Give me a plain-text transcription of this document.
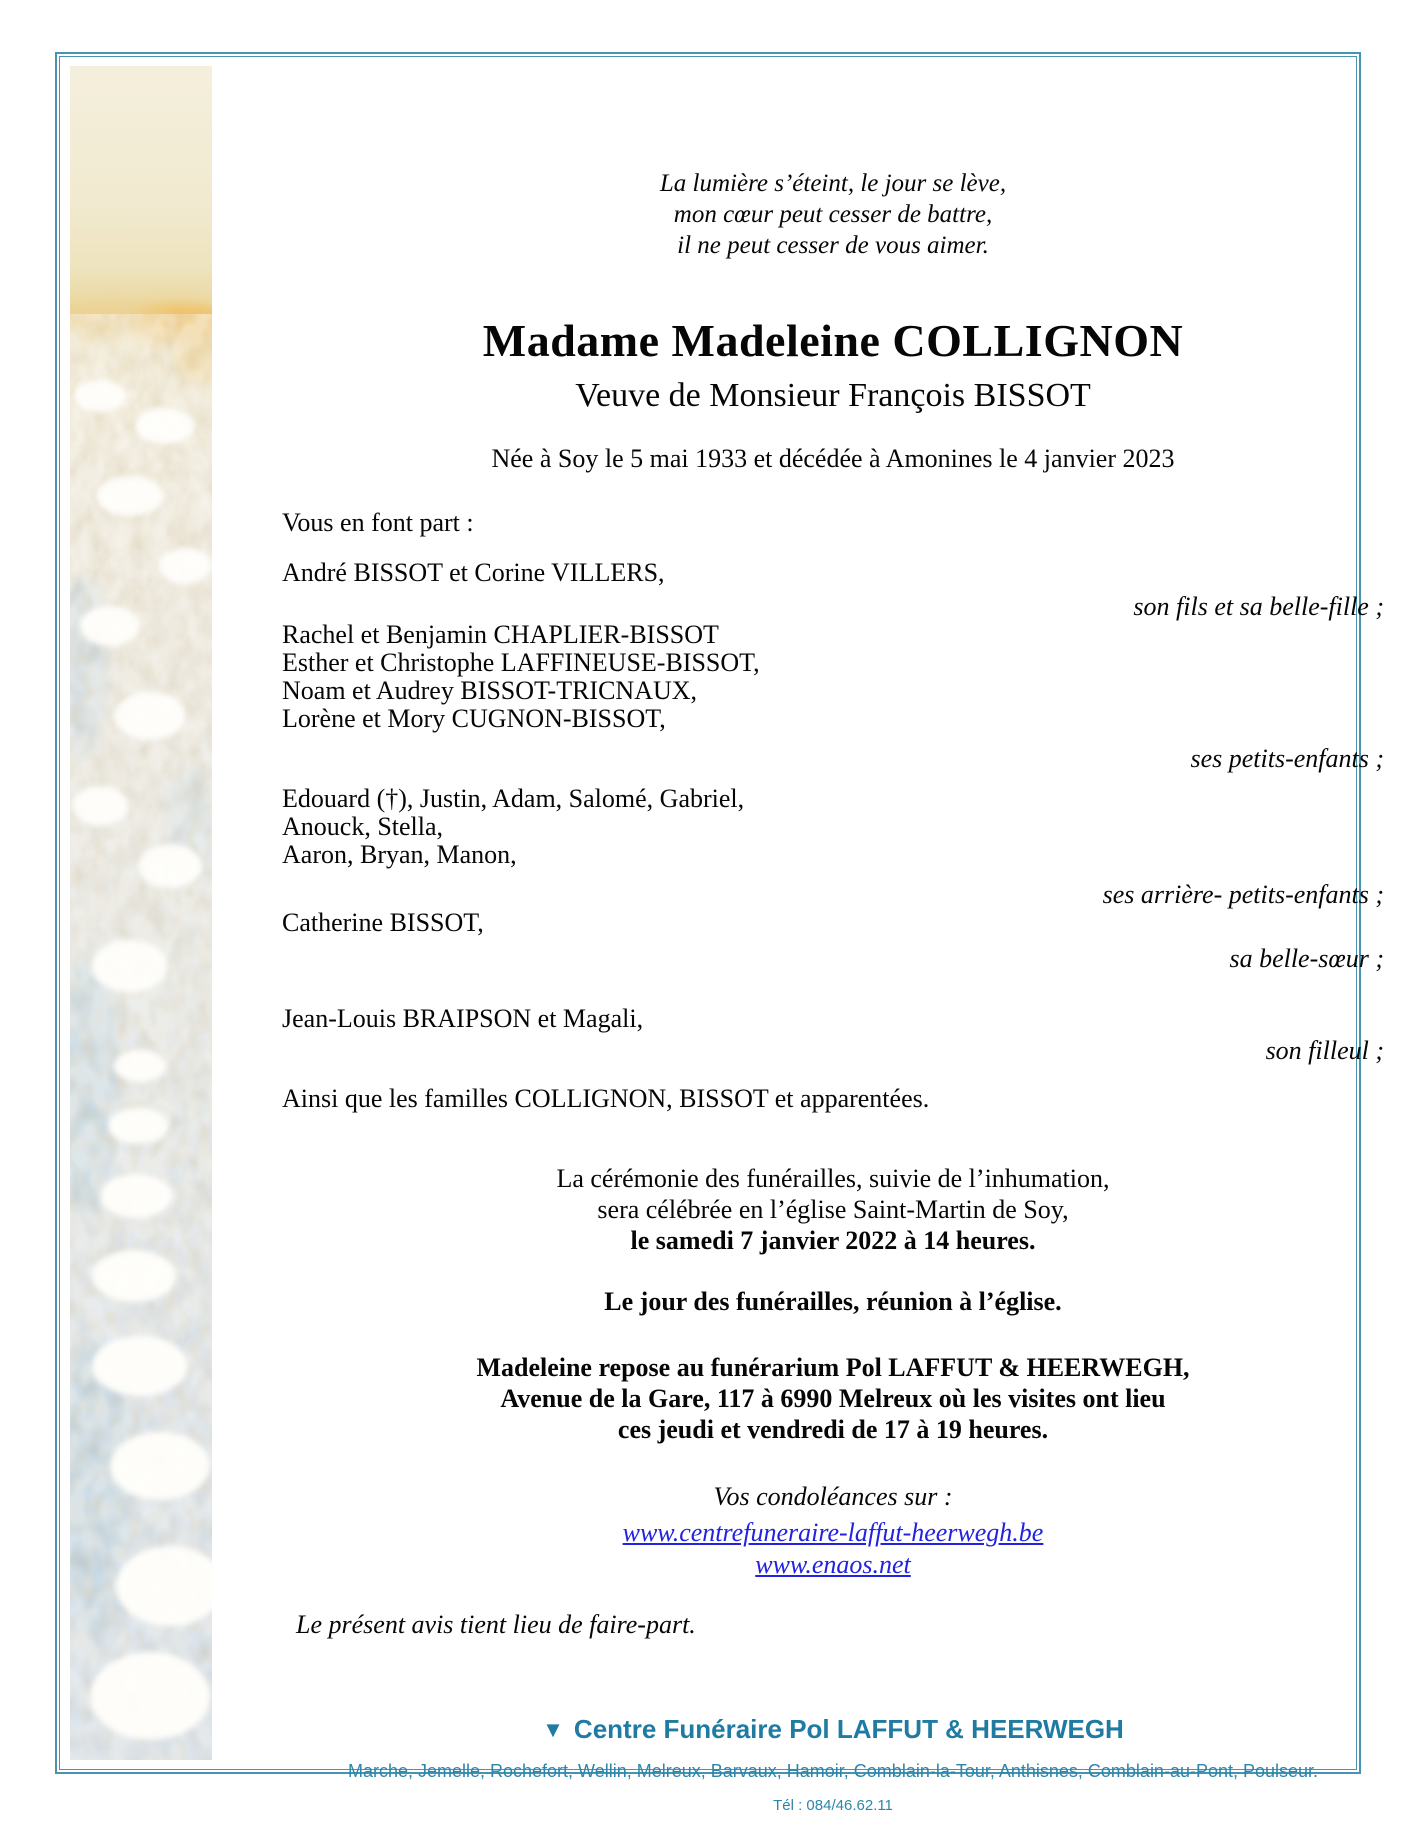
La lumière s’éteint, le jour se lève,
mon cœur peut cesser de battre,
il ne peut cesser de vous aimer.
Madame Madeleine COLLIGNON
Veuve de Monsieur François BISSOT
Née à Soy le 5 mai 1933 et décédée à Amonines le 4 janvier 2023
Vous en font part :
André BISSOT et Corine VILLERS,
son fils et sa belle-fille ;
Rachel et Benjamin CHAPLIER-BISSOT
Esther et Christophe LAFFINEUSE-BISSOT,
Noam et Audrey BISSOT-TRICNAUX,
Lorène et Mory CUGNON-BISSOT,
ses petits-enfants ;
Edouard (†), Justin, Adam, Salomé, Gabriel,
Anouck, Stella,
Aaron, Bryan, Manon,
ses arrière- petits-enfants ;
Catherine BISSOT,
sa belle-sœur ;
Jean-Louis BRAIPSON et Magali,
son filleul ;
Ainsi que les familles COLLIGNON, BISSOT et apparentées.
La cérémonie des funérailles, suivie de l’inhumation,
sera célébrée en l’église Saint-Martin de Soy,
le samedi 7 janvier 2022 à 14 heures.
Le jour des funérailles, réunion à l’église.
Madeleine repose au funérarium Pol LAFFUT & HEERWEGH,
Avenue de la Gare, 117 à 6990 Melreux où les visites ont lieu
ces jeudi et vendredi de 17 à 19 heures.
Vos condoléances sur :
www.centrefuneraire-laffut-heerwegh.be
www.enaos.net
Le présent avis tient lieu de faire-part.
▼ Centre Funéraire Pol LAFFUT & HEERWEGH
Marche, Jemelle, Rochefort, Wellin, Melreux, Barvaux, Hamoir, Comblain-la-Tour, Anthisnes, Comblain-au-Pont, Poulseur.
Tél : 084/46.62.11
